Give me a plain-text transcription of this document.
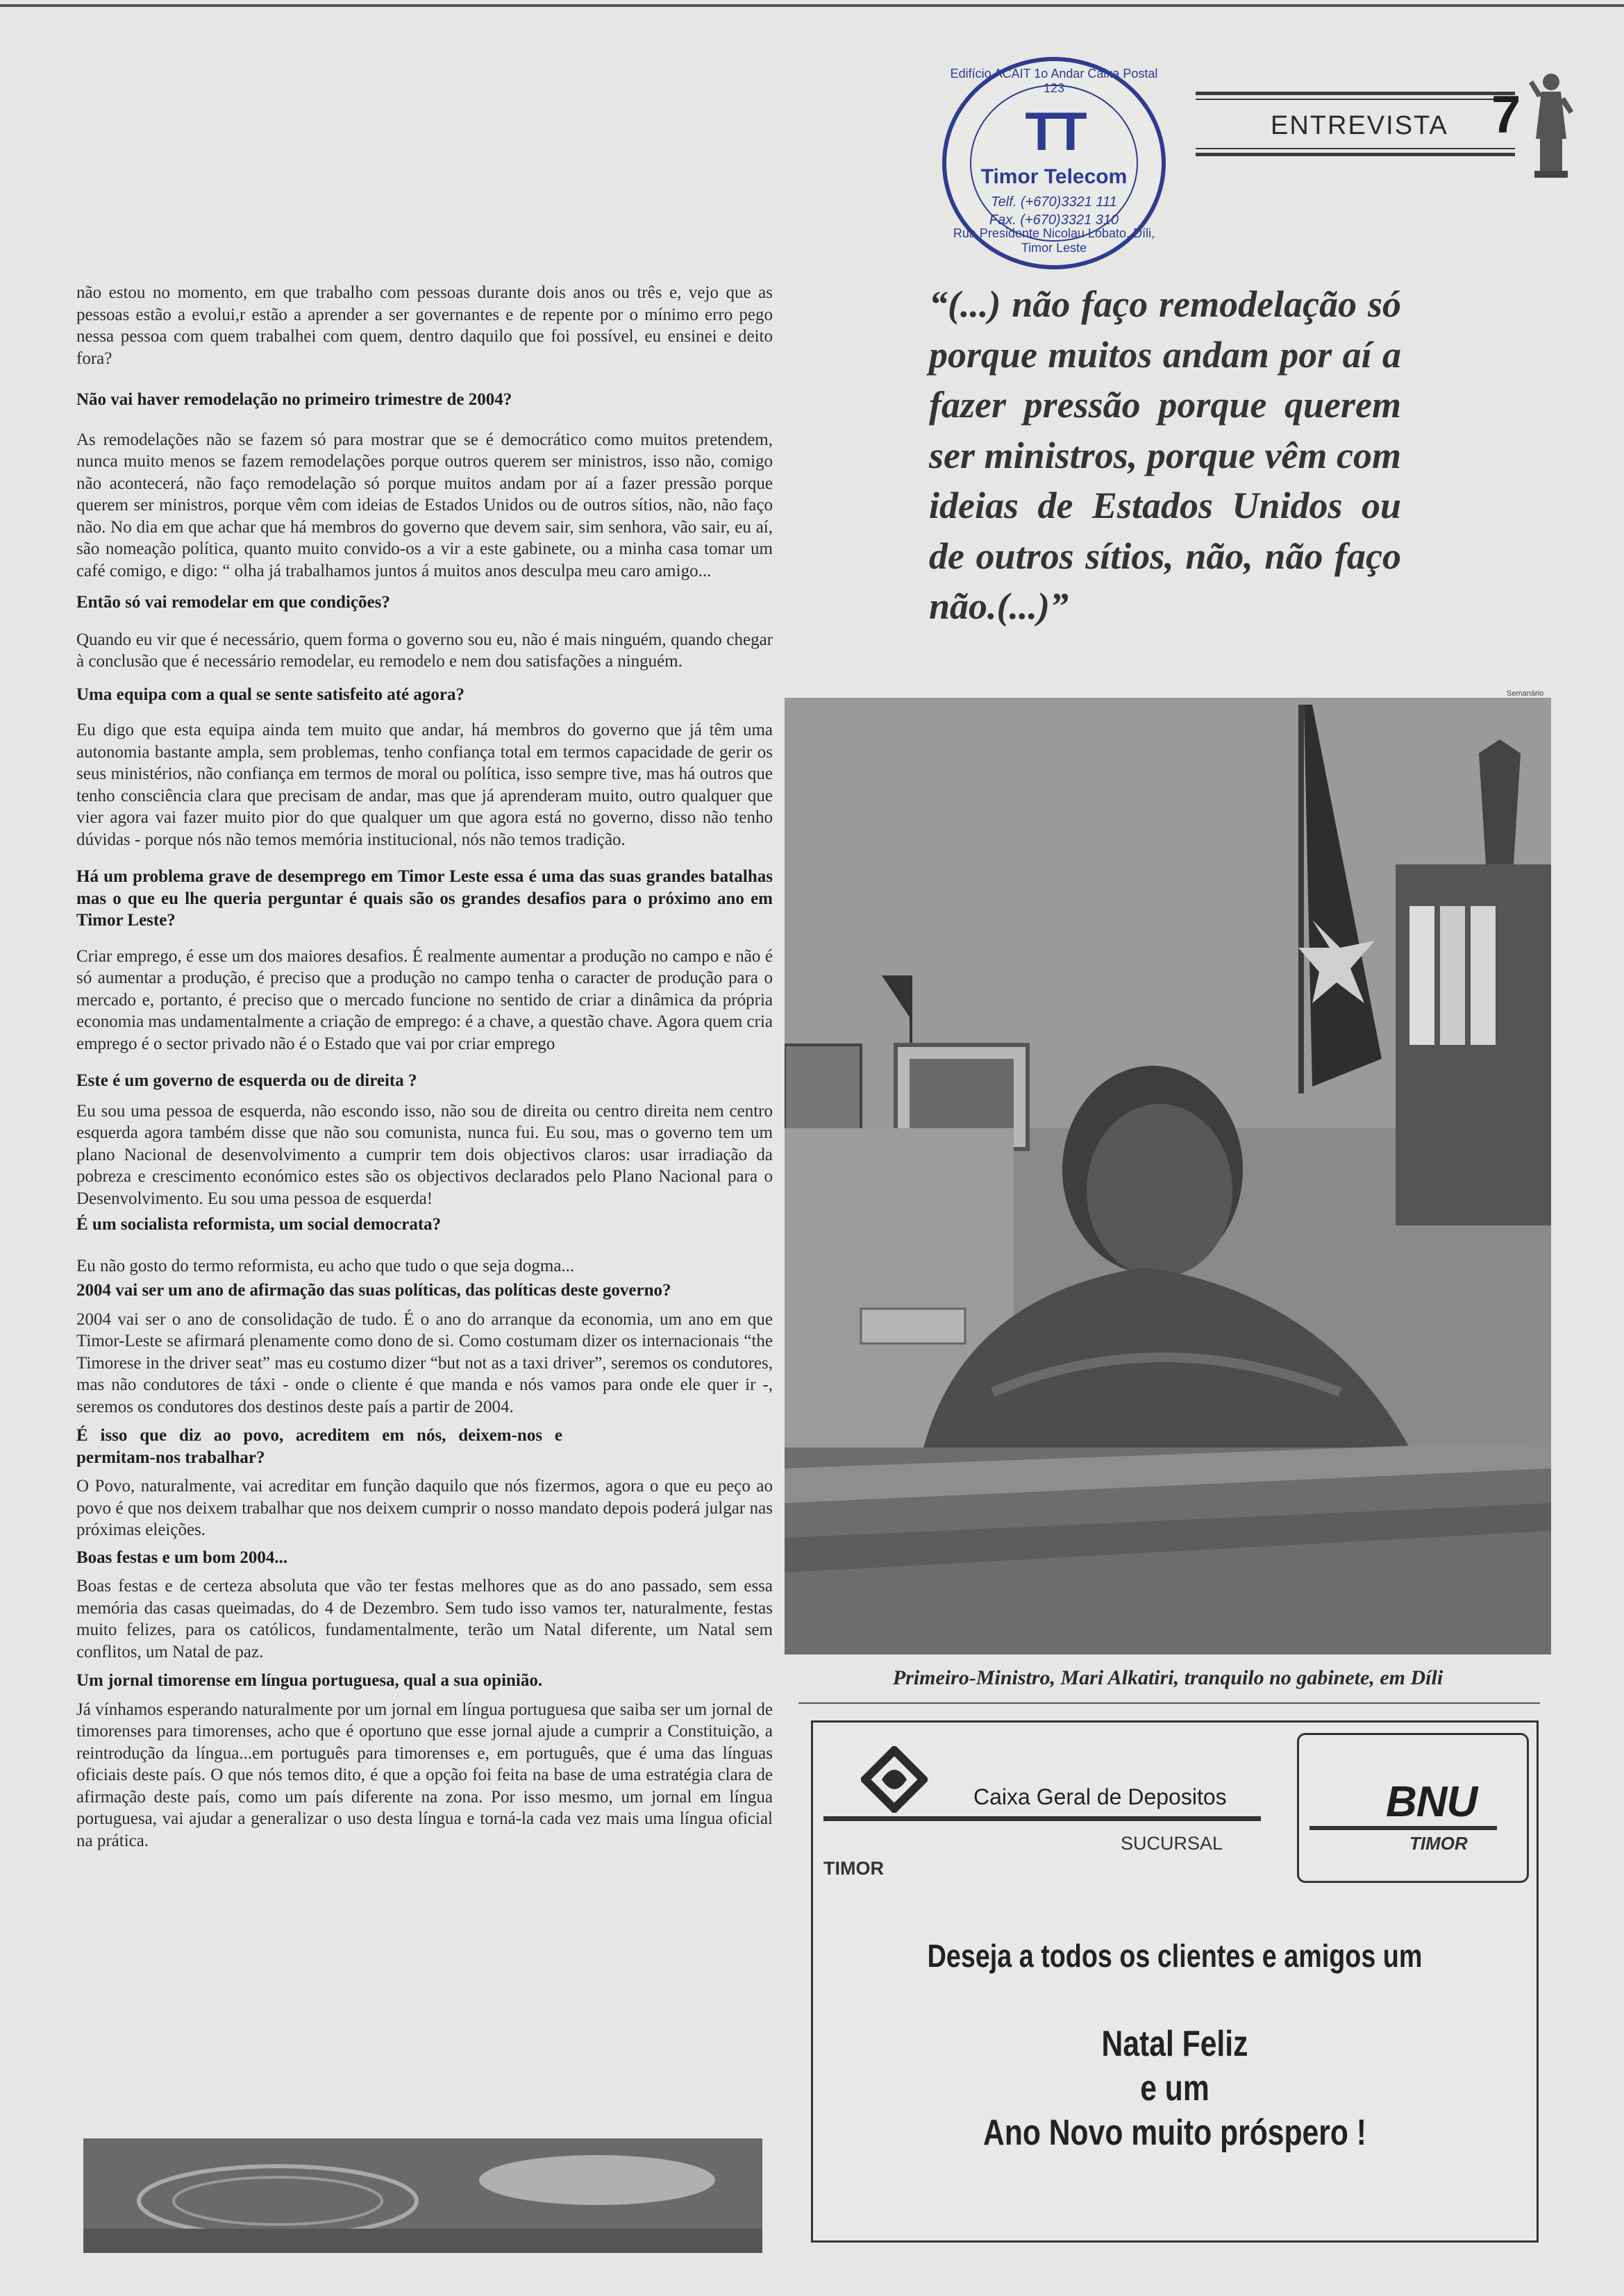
Edifício ACAIT 1o Andar Caixa Postal 123
TT
Timor Telecom
Telf. (+670)3321 111
Fax. (+670)3321 310
Rua Presidente Nicolau Lobato, Díli, Timor Leste
ENTREVISTA 7

não estou no momento, em que trabalho com pessoas durante dois anos ou três e, vejo que as pessoas estão a evolui,r estão a aprender a ser governantes e de repente por o mínimo erro pego nessa pessoa com quem trabalhei com quem, dentro daquilo que foi possível, eu ensinei e deito fora?

Não vai haver remodelação no primeiro trimestre de 2004?

As remodelações não se fazem só para mostrar que se é democrático como muitos pretendem, nunca muito menos se fazem remodelações porque outros querem ser ministros, isso não, comigo não acontecerá, não faço remodelação só porque muitos andam por aí a fazer pressão porque querem ser ministros, porque vêm com ideias de Estados Unidos ou de outros sítios, não, não faço não. No dia em que achar que há membros do governo que devem sair, sim senhora, vão sair, eu aí, são nomeação política, quanto muito convido-os a vir a este gabinete, ou a minha casa tomar um café comigo, e digo: “ olha já trabalhamos juntos á muitos anos desculpa meu caro amigo...

Então só vai remodelar em que condições?

Quando eu vir que é necessário, quem forma o governo sou eu, não é mais ninguém, quando chegar à conclusão que é necessário remodelar, eu remodelo e nem dou satisfações a ninguém.

Uma equipa com a qual se sente satisfeito até agora?

Eu digo que esta equipa ainda tem muito que andar, há membros do governo que já têm uma autonomia bastante ampla, sem problemas, tenho confiança total em termos capacidade de gerir os seus ministérios, não confiança em termos de moral ou política, isso sempre tive, mas há outros que tenho consciência clara que precisam de andar, mas que já aprenderam muito, outro qualquer que vier agora vai fazer muito pior do que qualquer um que agora está no governo, disso não tenho dúvidas - porque nós não temos memória institucional, nós não temos tradição.

Há um problema grave de desemprego em Timor Leste essa é uma das suas grandes batalhas mas o que eu lhe queria perguntar é quais são os grandes desafios para o próximo ano em Timor Leste?

Criar emprego, é esse um dos maiores desafios. É realmente aumentar a produção no campo e não é só aumentar a produção, é preciso que a produção no campo tenha o caracter de produção para o mercado e, portanto, é preciso que o mercado funcione no sentido de criar a dinâmica da própria economia mas undamentalmente a criação de emprego: é a chave, a questão chave. Agora quem cria emprego é o sector privado não é o Estado que vai por criar emprego

Este é um governo de esquerda ou de direita ?

Eu sou uma pessoa de esquerda, não escondo isso, não sou de direita ou centro direita nem centro esquerda agora também disse que não sou comunista, nunca fui. Eu sou, mas o governo tem um plano Nacional de desenvolvimento a cumprir tem dois objectivos claros: usar irradiação da pobreza e crescimento económico estes são os objectivos declarados pelo Plano Nacional para o Desenvolvimento. Eu sou uma pessoa de esquerda!

É um socialista reformista, um social democrata?

Eu não gosto do termo reformista, eu acho que tudo o que seja dogma...

2004 vai ser um ano de afirmação das suas políticas, das políticas deste governo?

2004 vai ser o ano de consolidação de tudo. É o ano do arranque da economia, um ano em que Timor-Leste se afirmará plenamente como dono de si. Como costumam dizer os internacionais “the Timorese in the driver seat” mas eu costumo dizer “but not as a taxi driver”, seremos os condutores, mas não condutores de táxi - onde o cliente é que manda e nós vamos para onde ele quer ir -, seremos os condutores dos destinos deste país a partir de 2004.

É isso que diz ao povo, acreditem em nós, deixem-nos e permitam-nos trabalhar?

O Povo, naturalmente, vai acreditar em função daquilo que nós fizermos, agora o que eu peço ao povo é que nos deixem trabalhar que nos deixem cumprir o nosso mandato depois poderá julgar nas próximas eleições.

Boas festas e um bom 2004...

Boas festas e de certeza absoluta que vão ter festas melhores que as do ano passado, sem essa memória das casas queimadas, do 4 de Dezembro. Sem tudo isso vamos ter, naturalmente, festas muito felizes, para os católicos, fundamentalmente, terão um Natal diferente, um Natal sem conflitos, um Natal de paz.

Um jornal timorense em língua portuguesa, qual a sua opinião.

Já vínhamos esperando naturalmente por um jornal em língua portuguesa que saiba ser um jornal de timorenses para timorenses, acho que é oportuno que esse jornal ajude a cumprir a Constituição, a reintrodução da língua...em português para timorenses e, em português, que é uma das línguas oficiais deste país. O que nós temos dito, é que a opção foi feita na base de uma estratégia clara de afirmação deste país, como um país diferente na zona. Por isso mesmo, um jornal em língua portuguesa, vai ajudar a generalizar o uso desta língua e torná-la cada vez mais uma língua oficial na prática.

“(...) não faço remodelação só porque muitos andam por aí a fazer pressão porque querem ser ministros, porque vêm com ideias de Estados Unidos ou de outros sítios, não, não faço não.(...)”
Semanário
Primeiro-Ministro, Mari Alkatiri, tranquilo no gabinete, em Díli
Caixa Geral de Depositos
SUCURSAL
TIMOR
BNU
TIMOR
Deseja a todos os clientes e amigos um
Natal Feliz
e um
Ano Novo muito próspero !
